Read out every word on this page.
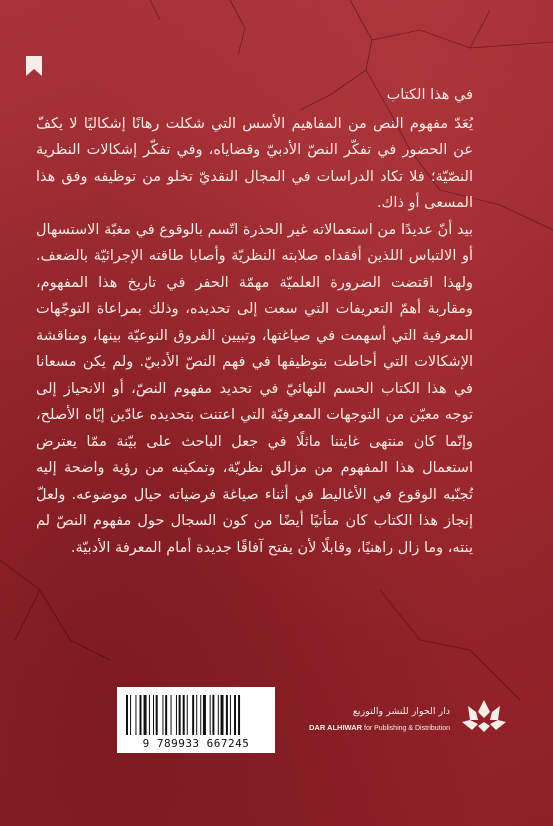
في هذا الكتاب

يُعَدّ مفهوم النص من المفاهيم الأسس التي شكلت رهانًا إشكاليًا لا يكفّ عن الحضور في تفكّر النصّ الأدبيّ وقضاياه، وفي تفكّر إشكالات النظرية النصّيّة؛ فلا تكاد الدراسات في المجال النقديّ تخلو من توظيفه وفق هذا المسعى أو ذاك.

بيد أنّ عديدًا من استعمالاته غير الحذرة اتّسم بالوقوع في مغبّة الاستسهال أو الالتباس اللذين أفقداه صلابته النظريّة وأصابا طاقته الإجرائيّة بالضعف. ولهذا اقتضت الضرورة العلميّة مهمّة الحفر في تاريخ هذا المفهوم، ومقاربة أهمّ التعريفات التي سعت إلى تحديده، وذلك بمراعاة التوجّهات المعرفية التي أسهمت في صياغتها، وتبيين الفروق النوعيّة بينها، ومناقشة الإشكالات التي أحاطت بتوظيفها في فهم النصّ الأدبيّ. ولم يكن مسعانا في هذا الكتاب الحسم النهائيّ في تحديد مفهوم النصّ، أو الانحياز إلى توجه معيّن من التوجهات المعرفيّة التي اعتنت بتحديده عادّين إيّاه الأصلح، وإنّما كان منتهى غايتنا ماثلًا في جعل الباحث على بيّنة ممّا يعترض استعمال هذا المفهوم من مزالق نظريّة، وتمكينه من رؤية واضحة إليه تُجنّبه الوقوع في الأغاليط في أثناء صياغة فرضياته حيال موضوعه. ولعلّ إنجاز هذا الكتاب كان متأتيًا أيضًا من كون السجال حول مفهوم النصّ لم ينته، وما زال راهنيًا، وقابلًا لأن يفتح آفاقًا جديدة أمام المعرفة الأدبيّة.

9 789933 667245
دار الحوار للنشر والتوزيع
DAR ALHIWAR for Publishing & Distribution
